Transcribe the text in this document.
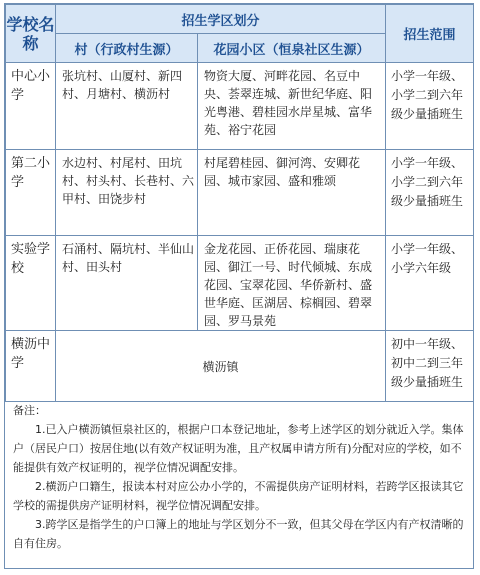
学校名称	招生学区划分		招生范围
	村（行政村生源）	花园小区（恒泉社区生源）	
中心小学	张坑村、山厦村、新四村、月塘村、横沥村	物资大厦、河畔花园、名豆中央、荟翠连城、新世纪华庭、阳光粤港、碧桂园水岸星城、富华苑、裕宁花园	小学一年级、小学二到六年级少量插班生
第二小学	水边村、村尾村、田坑村、村头村、长巷村、六甲村、田饶步村	村尾碧桂园、御河湾、安卿花园、城市家园、盛和雅颂	小学一年级、小学二到六年级少量插班生
实验学校	石涌村、隔坑村、半仙山村、田头村	金龙花园、正侨花园、瑞康花园、御江一号、时代倾城、东成花园、宝翠花园、华侨新村、盛世华庭、匡湖居、棕榈园、碧翠园、罗马景苑	小学一年级、小学六年级
横沥中学	横沥镇		初中一年级、初中二到三年级少量插班生

备注：

1.已入户横沥镇恒泉社区的，根据户口本登记地址，参考上述学区的划分就近入学。集体户（居民户口）按居住地(以有效产权证明为准，且产权属申请方所有)分配对应的学校，如不能提供有效产权证明的，视学位情况调配安排。

2.横沥户口籍生，报读本村对应公办小学的，不需提供房产证明材料，若跨学区报读其它学校的需提供房产证明材料，视学位情况调配安排。

3.跨学区是指学生的户口簿上的地址与学区划分不一致，但其父母在学区内有产权清晰的自有住房。
